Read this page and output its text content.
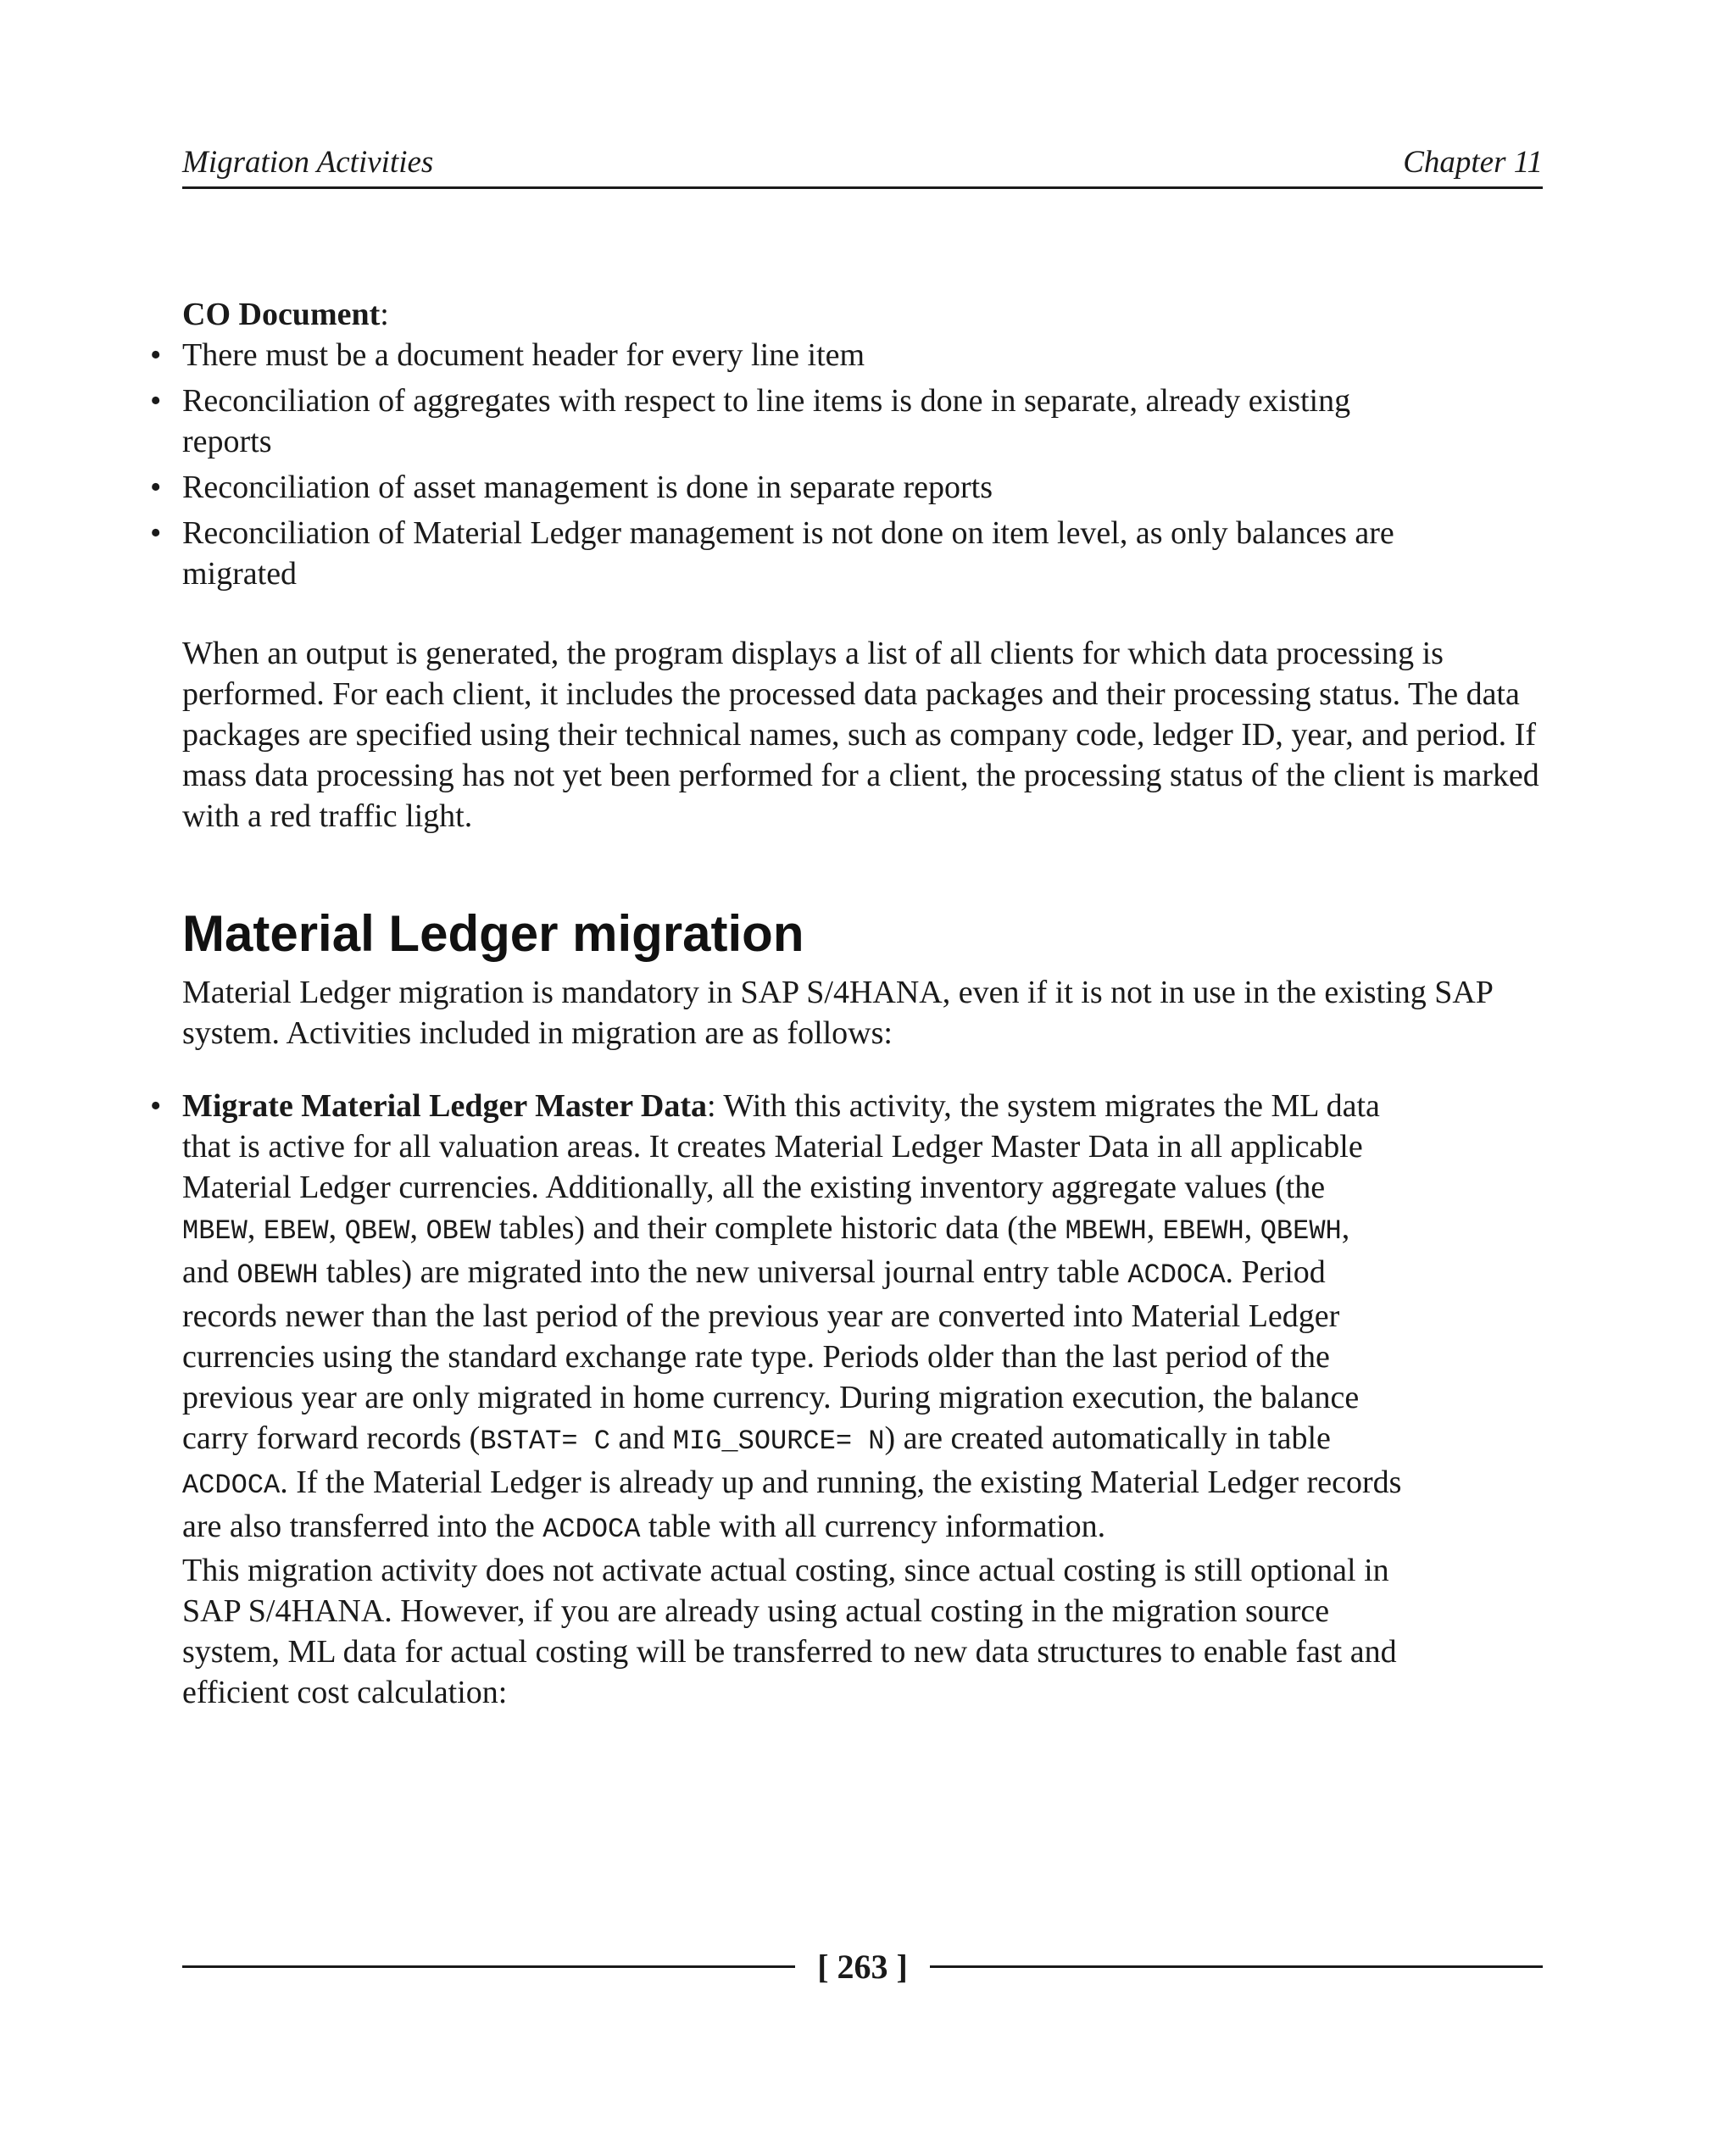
Migration Activities	Chapter 11

CO Document:

• There must be a document header for every line item
• Reconciliation of aggregates with respect to line items is done in separate, already existing reports
• Reconciliation of asset management is done in separate reports
• Reconciliation of Material Ledger management is not done on item level, as only balances are migrated

When an output is generated, the program displays a list of all clients for which data processing is performed. For each client, it includes the processed data packages and their processing status. The data packages are specified using their technical names, such as company code, ledger ID, year, and period. If mass data processing has not yet been performed for a client, the processing status of the client is marked with a red traffic light.

Material Ledger migration

Material Ledger migration is mandatory in SAP S/4HANA, even if it is not in use in the existing SAP system. Activities included in migration are as follows:

• Migrate Material Ledger Master Data: With this activity, the system migrates the ML data that is active for all valuation areas. It creates Material Ledger Master Data in all applicable Material Ledger currencies. Additionally, all the existing inventory aggregate values (the MBEW, EBEW, QBEW, OBEW tables) and their complete historic data (the MBEWH, EBEWH, QBEWH, and OBEWH tables) are migrated into the new universal journal entry table ACDOCA. Period records newer than the last period of the previous year are converted into Material Ledger currencies using the standard exchange rate type. Periods older than the last period of the previous year are only migrated in home currency. During migration execution, the balance carry forward records (BSTAT= C and MIG_SOURCE= N) are created automatically in table ACDOCA. If the Material Ledger is already up and running, the existing Material Ledger records are also transferred into the ACDOCA table with all currency information.

This migration activity does not activate actual costing, since actual costing is still optional in SAP S/4HANA. However, if you are already using actual costing in the migration source system, ML data for actual costing will be transferred to new data structures to enable fast and efficient cost calculation:

[ 263 ]
